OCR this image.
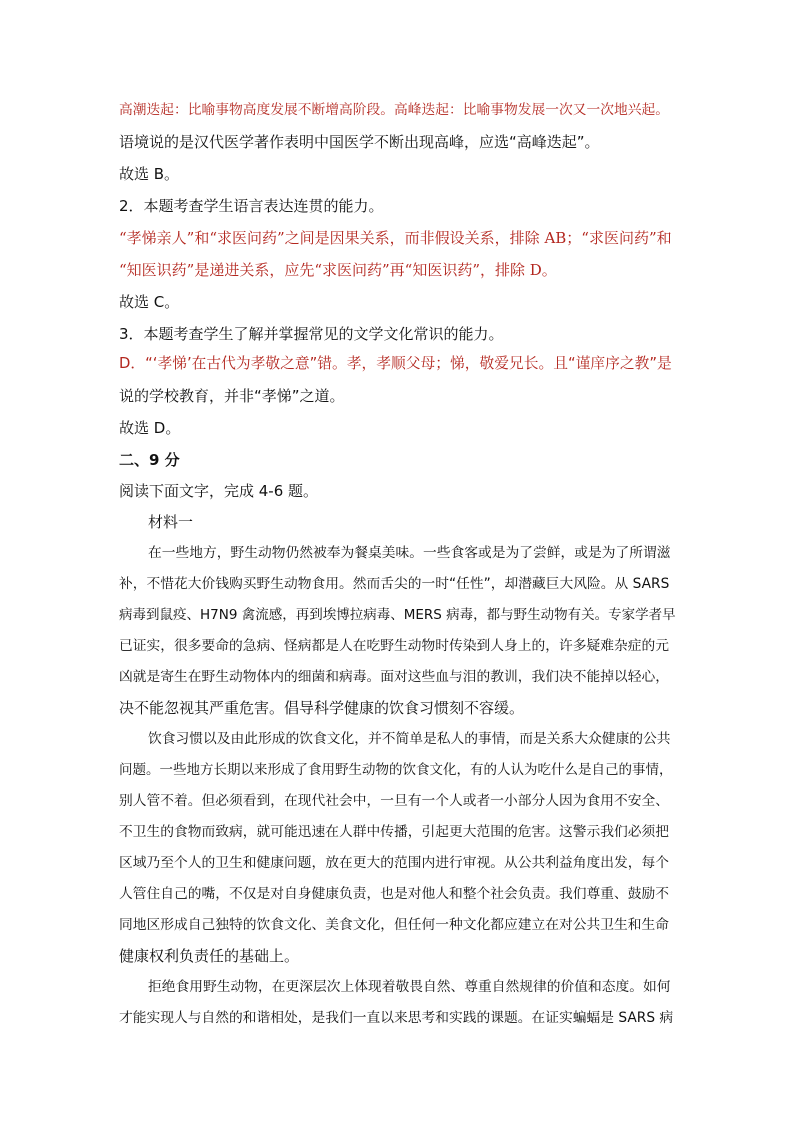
高潮迭起：比喻事物高度发展不断增高阶段。高峰迭起：比喻事物发展一次又一次地兴起。
语境说的是汉代医学著作表明中国医学不断出现高峰，应选“高峰迭起”。
故选 B。
2．本题考查学生语言表达连贯的能力。
“孝悌亲人”和“求医问药”之间是因果关系，而非假设关系，排除 AB；“求医问药”和
“知医识药”是递进关系，应先“求医问药”再“知医识药”，排除 D。
故选 C。
3．本题考查学生了解并掌握常见的文学文化常识的能力。
D．“‘孝悌’在古代为孝敬之意”错。孝，孝顺父母；悌，敬爱兄长。且“谨庠序之教”是
说的学校教育，并非“孝悌”之道。
故选 D。
二、9 分
阅读下面文字，完成 4-6 题。
材料一
在一些地方，野生动物仍然被奉为餐桌美味。一些食客或是为了尝鲜，或是为了所谓滋
补，不惜花大价钱购买野生动物食用。然而舌尖的一时“任性”，却潜藏巨大风险。从 SARS
病毒到鼠疫、H7N9 禽流感，再到埃博拉病毒、MERS 病毒，都与野生动物有关。专家学者早
已证实，很多要命的急病、怪病都是人在吃野生动物时传染到人身上的，许多疑难杂症的元
凶就是寄生在野生动物体内的细菌和病毒。面对这些血与泪的教训，我们决不能掉以轻心，
决不能忽视其严重危害。倡导科学健康的饮食习惯刻不容缓。
饮食习惯以及由此形成的饮食文化，并不简单是私人的事情，而是关系大众健康的公共
问题。一些地方长期以来形成了食用野生动物的饮食文化，有的人认为吃什么是自己的事情，
别人管不着。但必须看到，在现代社会中，一旦有一个人或者一小部分人因为食用不安全、
不卫生的食物而致病，就可能迅速在人群中传播，引起更大范围的危害。这警示我们必须把
区域乃至个人的卫生和健康问题，放在更大的范围内进行审视。从公共利益角度出发，每个
人管住自己的嘴，不仅是对自身健康负责，也是对他人和整个社会负责。我们尊重、鼓励不
同地区形成自己独特的饮食文化、美食文化，但任何一种文化都应建立在对公共卫生和生命
健康权利负责任的基础上。
拒绝食用野生动物，在更深层次上体现着敬畏自然、尊重自然规律的价值和态度。如何
才能实现人与自然的和谐相处，是我们一直以来思考和实践的课题。在证实蝙蝠是 SARS 病
